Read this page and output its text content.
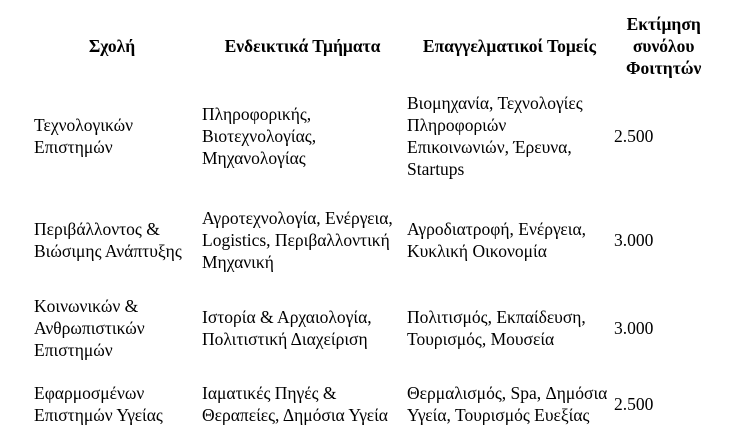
Σχολή	Ενδεικτικά Τμήματα	Επαγγελματικοί Τομείς	Εκτίμηση συνόλου Φοιτητών
Τεχνολογικών Επιστημών	Πληροφορικής, Βιοτεχνολογίας, Μηχανολογίας	Βιομηχανία, Τεχνολογίες Πληροφοριών Επικοινωνιών, Έρευνα, Startups	2.500
Περιβάλλοντος & Βιώσιμης Ανάπτυξης	Αγροτεχνολογία, Ενέργεια, Logistics, Περιβαλλοντική Μηχανική	Αγροδιατροφή, Ενέργεια, Κυκλική Οικονομία	3.000
Κοινωνικών & Ανθρωπιστικών Επιστημών	Ιστορία & Αρχαιολογία, Πολιτιστική Διαχείριση	Πολιτισμός, Εκπαίδευση, Τουρισμός, Μουσεία	3.000
Εφαρμοσμένων Επιστημών Υγείας	Ιαματικές Πηγές & Θεραπείες, Δημόσια Υγεία	Θερμαλισμός, Spa, Δημόσια Υγεία, Τουρισμός Ευεξίας	2.500
